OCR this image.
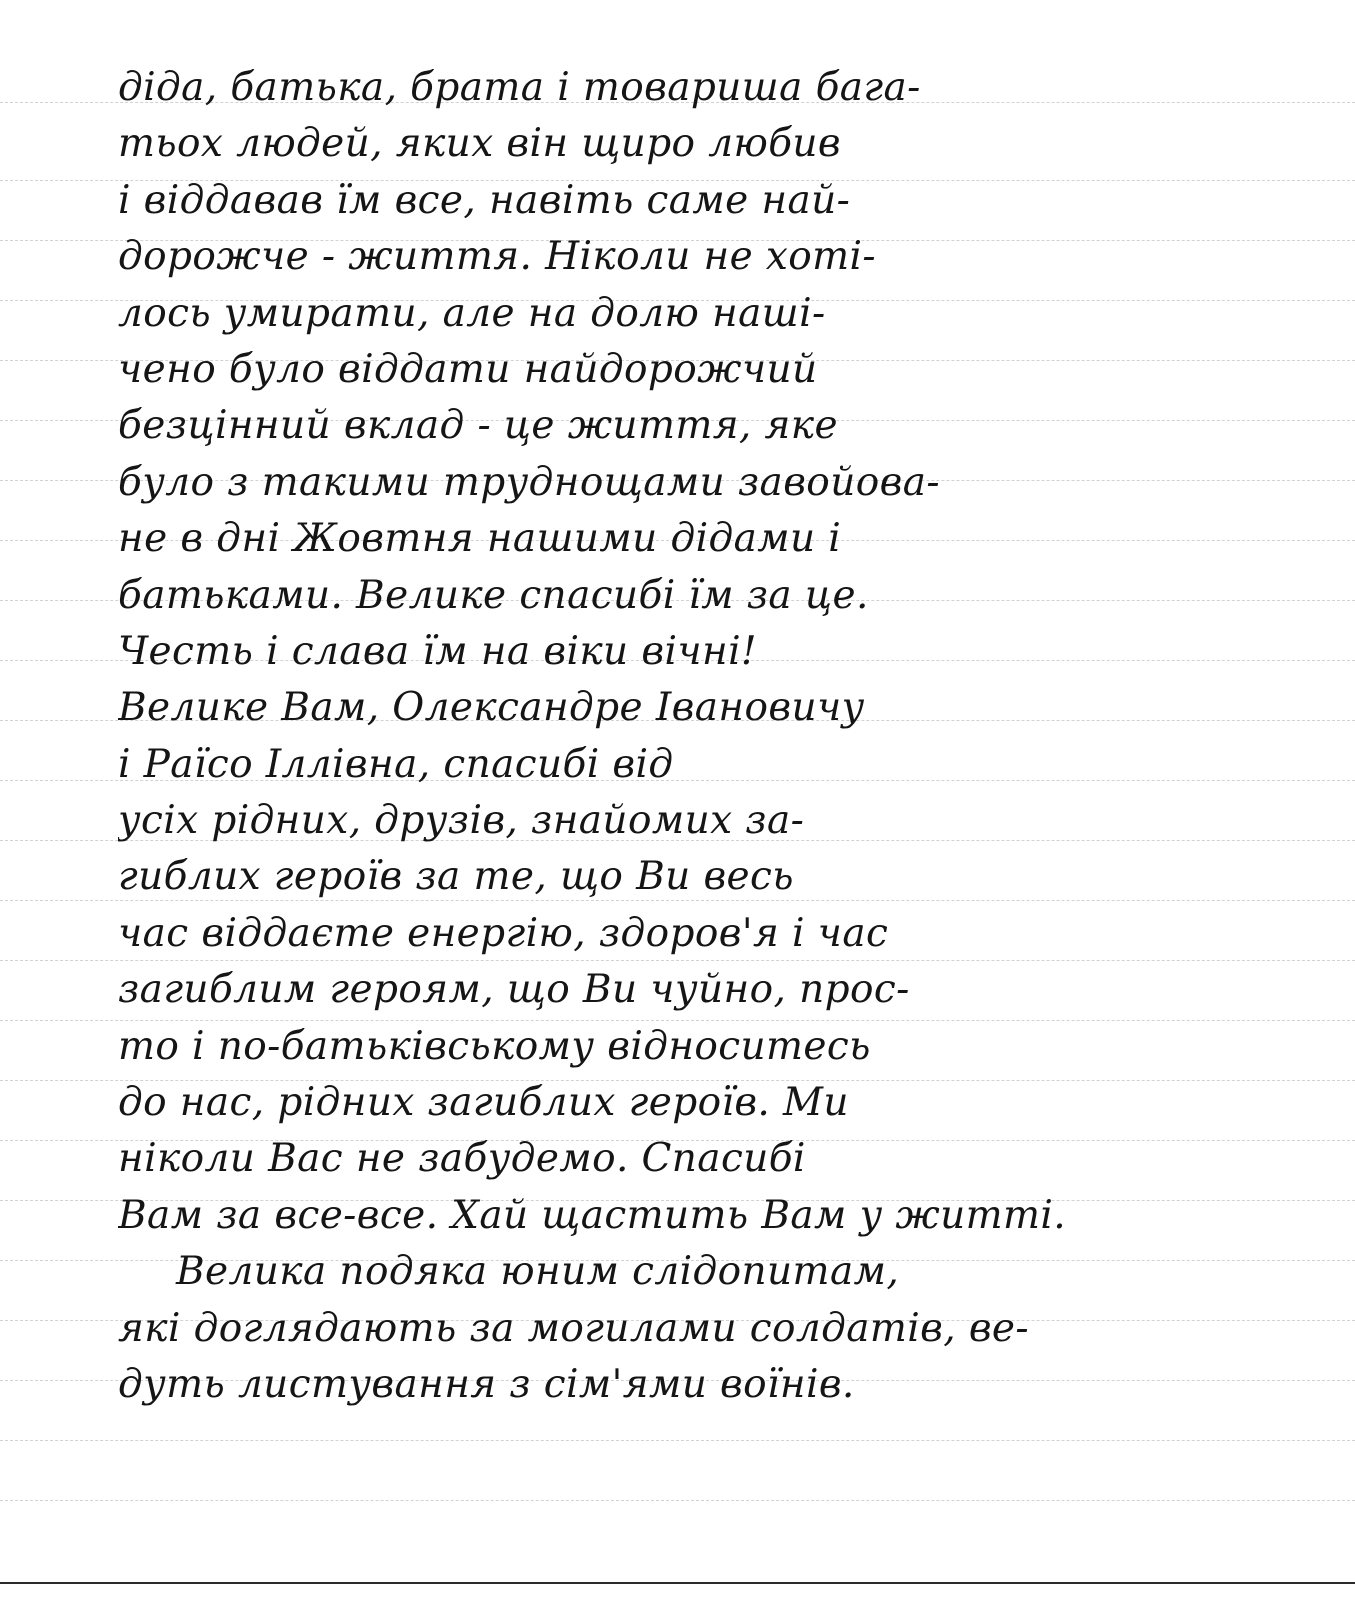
діда, батька, брата і товариша бага-
тьох людей, яких він щиро любив
і віддавав їм все, навіть саме най-
дорожче - життя. Ніколи не хоті-
лось умирати, але на долю наші-
чено було віддати найдорожчий
безцінний вклад - це життя, яке
було з такими труднощами завойова-
не в дні Жовтня нашими дідами і
батьками. Велике спасибі їм за це.
Честь і слава їм на віки вічні!
Велике Вам, Олександре Івановичу
і Раїсо Іллівна, спасибі від
усіх рідних, друзів, знайомих за-
гиблих героїв за те, що Ви весь
час віддаєте енергію, здоров'я і час
загиблим героям, що Ви чуйно, прос-
то і по-батьківському відноситесь
до нас, рідних загиблих героїв. Ми
ніколи Вас не забудемо. Спасибі
Вам за все-все. Хай щастить Вам у житті.
Велика подяка юним слідопитам,
які доглядають за могилами солдатів, ве-
дуть листування з сім'ями воїнів.
